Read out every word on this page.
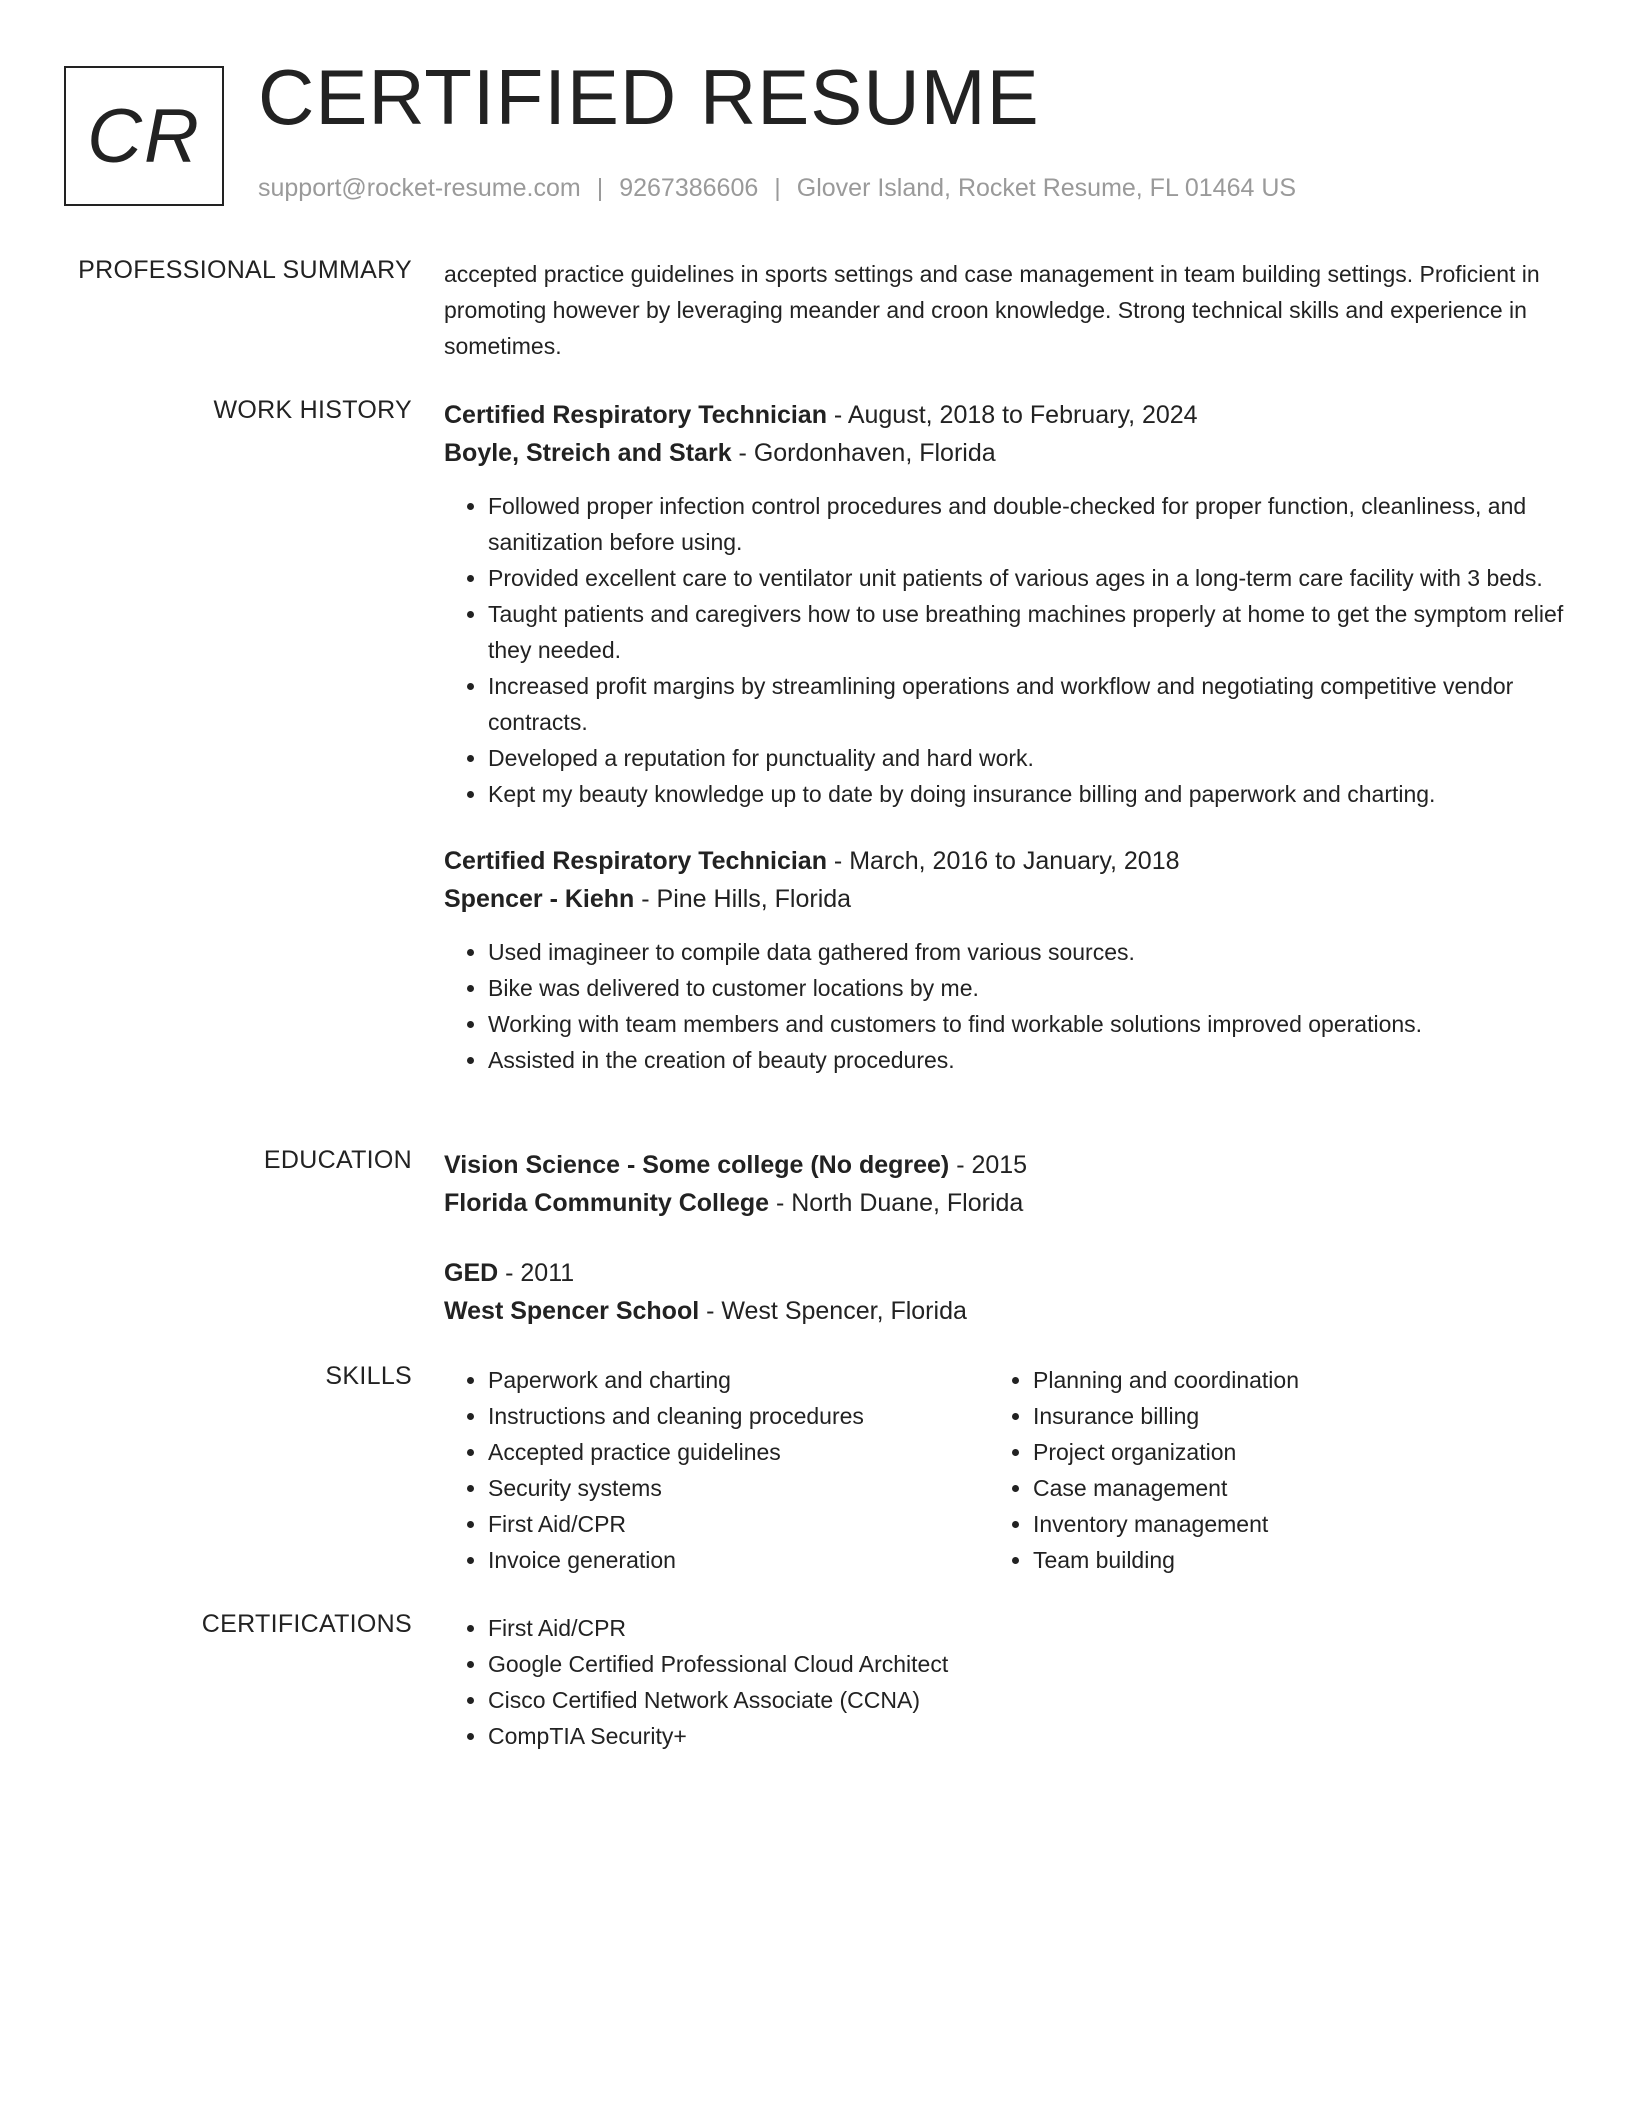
CR CERTIFIED RESUME
support@rocket-resume.com | 9267386606 | Glover Island, Rocket Resume, FL 01464 US
PROFESSIONAL SUMMARY accepted practice guidelines in sports settings and case management in team building settings. Proficient in promoting however by leveraging meander and croon knowledge. Strong technical skills and experience in sometimes.

WORK HISTORY Certified Respiratory Technician - August, 2018 to February, 2024
Boyle, Streich and Stark - Gordonhaven, Florida
• Followed proper infection control procedures and double-checked for proper function, cleanliness, and sanitization before using.
• Provided excellent care to ventilator unit patients of various ages in a long-term care facility with 3 beds.
• Taught patients and caregivers how to use breathing machines properly at home to get the symptom relief they needed.
• Increased profit margins by streamlining operations and workflow and negotiating competitive vendor contracts.
• Developed a reputation for punctuality and hard work.
• Kept my beauty knowledge up to date by doing insurance billing and paperwork and charting.
Certified Respiratory Technician - March, 2016 to January, 2018
Spencer - Kiehn - Pine Hills, Florida
• Used imagineer to compile data gathered from various sources.
• Bike was delivered to customer locations by me.
• Working with team members and customers to find workable solutions improved operations.
• Assisted in the creation of beauty procedures.
EDUCATION Vision Science - Some college (No degree) - 2015
Florida Community College - North Duane, Florida
GED - 2011
West Spencer School - West Spencer, Florida
SKILLS	• Paperwork and charting
• Instructions and cleaning procedures
• Accepted practice guidelines
• Security systems
• First Aid/CPR
• Invoice generation
• Planning and coordination
• Insurance billing
• Project organization
• Case management
• Inventory management
• Team building
CERTIFICATIONS	• First Aid/CPR
• Google Certified Professional Cloud Architect
• Cisco Certified Network Associate (CCNA)
• CompTIA Security+
